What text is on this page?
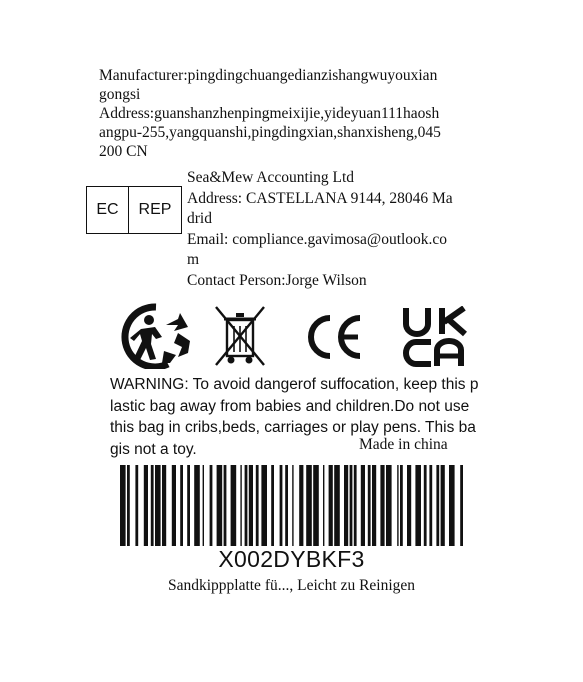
Manufacturer:pingdingchuangedianzishangwuyouxian
gongsi
Address:guanshanzhenpingmeixijie,yideyuan111haosh
angpu-255,yangquanshi,pingdingxian,shanxisheng,045
200 CN
EC	REP
Sea&Mew Accounting Ltd
Address: CASTELLANA 9144, 28046 Ma
drid
Email: compliance.gavimosa@outlook.co
m
Contact Person:Jorge Wilson
WARNING: To avoid dangerof suffocation, keep this p
lastic bag away from babies and children.Do not use
this bag in cribs,beds, carriages or play pens. This ba
gis not a toy.	Made in china
X002DYBKF3
Sandkippplatte fü..., Leicht zu Reinigen
